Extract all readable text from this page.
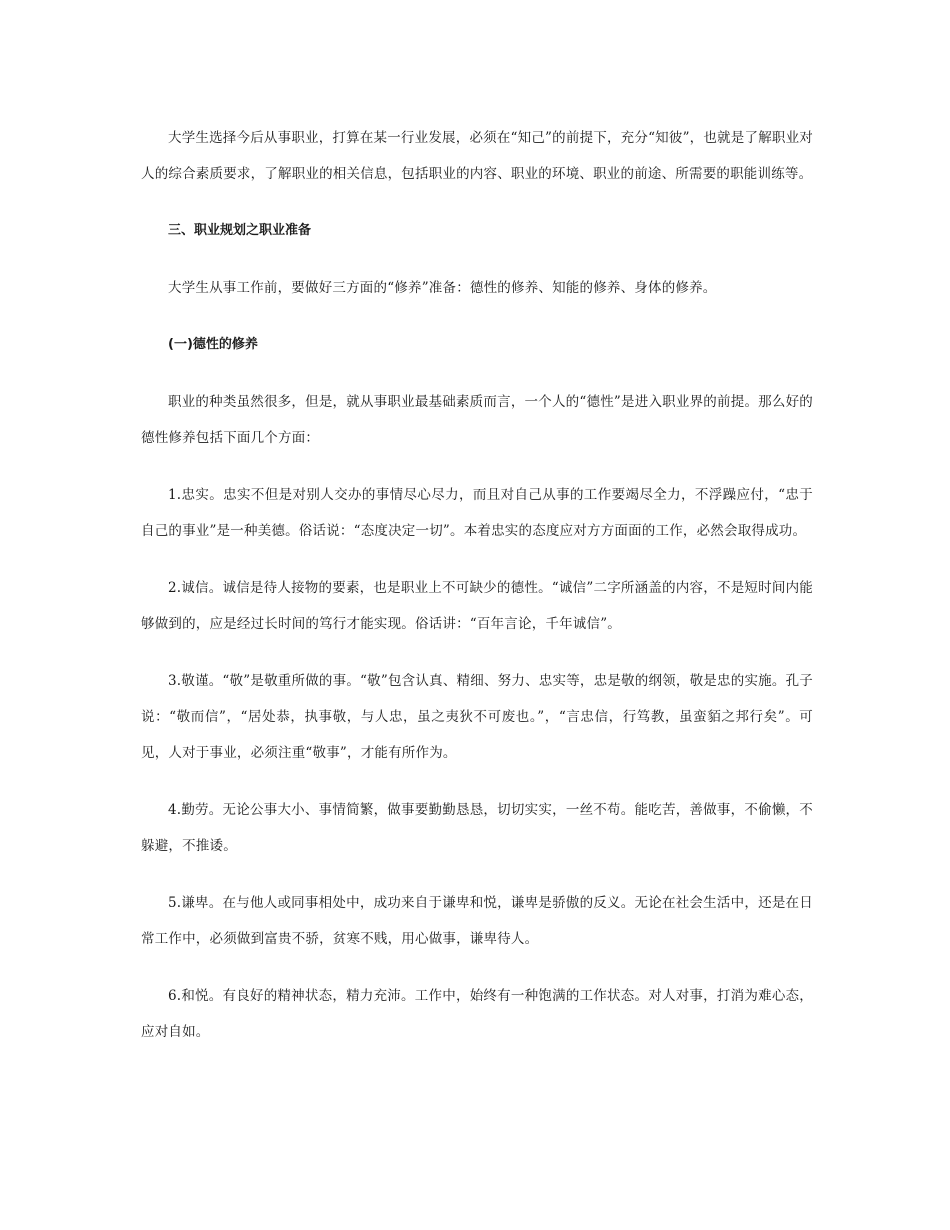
大学生选择今后从事职业，打算在某一行业发展，必须在“知己”的前提下，充分“知彼”，也就是了解职业对人的综合素质要求，了解职业的相关信息，包括职业的内容、职业的环境、职业的前途、所需要的职能训练等。

三、职业规划之职业准备

大学生从事工作前，要做好三方面的“修养”准备：德性的修养、知能的修养、身体的修养。

(一)德性的修养

职业的种类虽然很多，但是，就从事职业最基础素质而言，一个人的“德性”是进入职业界的前提。那么好的德性修养包括下面几个方面：

1.忠实。忠实不但是对别人交办的事情尽心尽力，而且对自己从事的工作要竭尽全力，不浮躁应付，“忠于自己的事业”是一种美德。俗话说：“态度决定一切”。本着忠实的态度应对方方面面的工作，必然会取得成功。

2.诚信。诚信是待人接物的要素，也是职业上不可缺少的德性。“诚信”二字所涵盖的内容，不是短时间内能够做到的，应是经过长时间的笃行才能实现。俗话讲：“百年言论，千年诚信”。

3.敬谨。“敬”是敬重所做的事。“敬”包含认真、精细、努力、忠实等，忠是敬的纲领，敬是忠的实施。孔子说：“敬而信”，“居处恭，执事敬，与人忠，虽之夷狄不可废也。”，“言忠信，行笃教，虽蛮貊之邦行矣”。可见，人对于事业，必须注重“敬事”，才能有所作为。

4.勤劳。无论公事大小、事情简繁，做事要勤勤恳恳，切切实实，一丝不苟。能吃苦，善做事，不偷懒，不躲避，不推诿。

5.谦卑。在与他人或同事相处中，成功来自于谦卑和悦，谦卑是骄傲的反义。无论在社会生活中，还是在日常工作中，必须做到富贵不骄，贫寒不贱，用心做事，谦卑待人。

6.和悦。有良好的精神状态，精力充沛。工作中，始终有一种饱满的工作状态。对人对事，打消为难心态，应对自如。
